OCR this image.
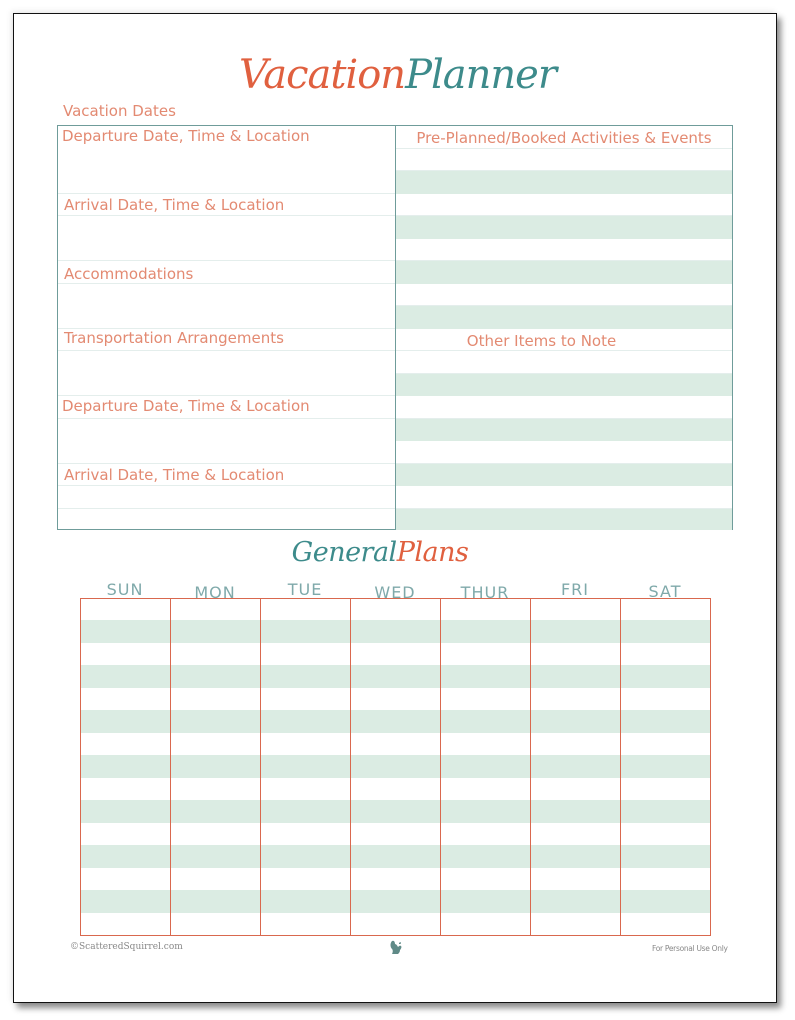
VacationPlanner
Vacation Dates
Departure Date, Time & Location
Arrival Date, Time & Location
Accommodations
Transportation Arrangements
Departure Date, Time & Location
Arrival Date, Time & Location
Pre-Planned/Booked Activities & Events
Other Items to Note
GeneralPlans
SUN	MON	TUE	WED	THUR	FRI	SAT
©ScatteredSquirrel.com	For Personal Use Only
